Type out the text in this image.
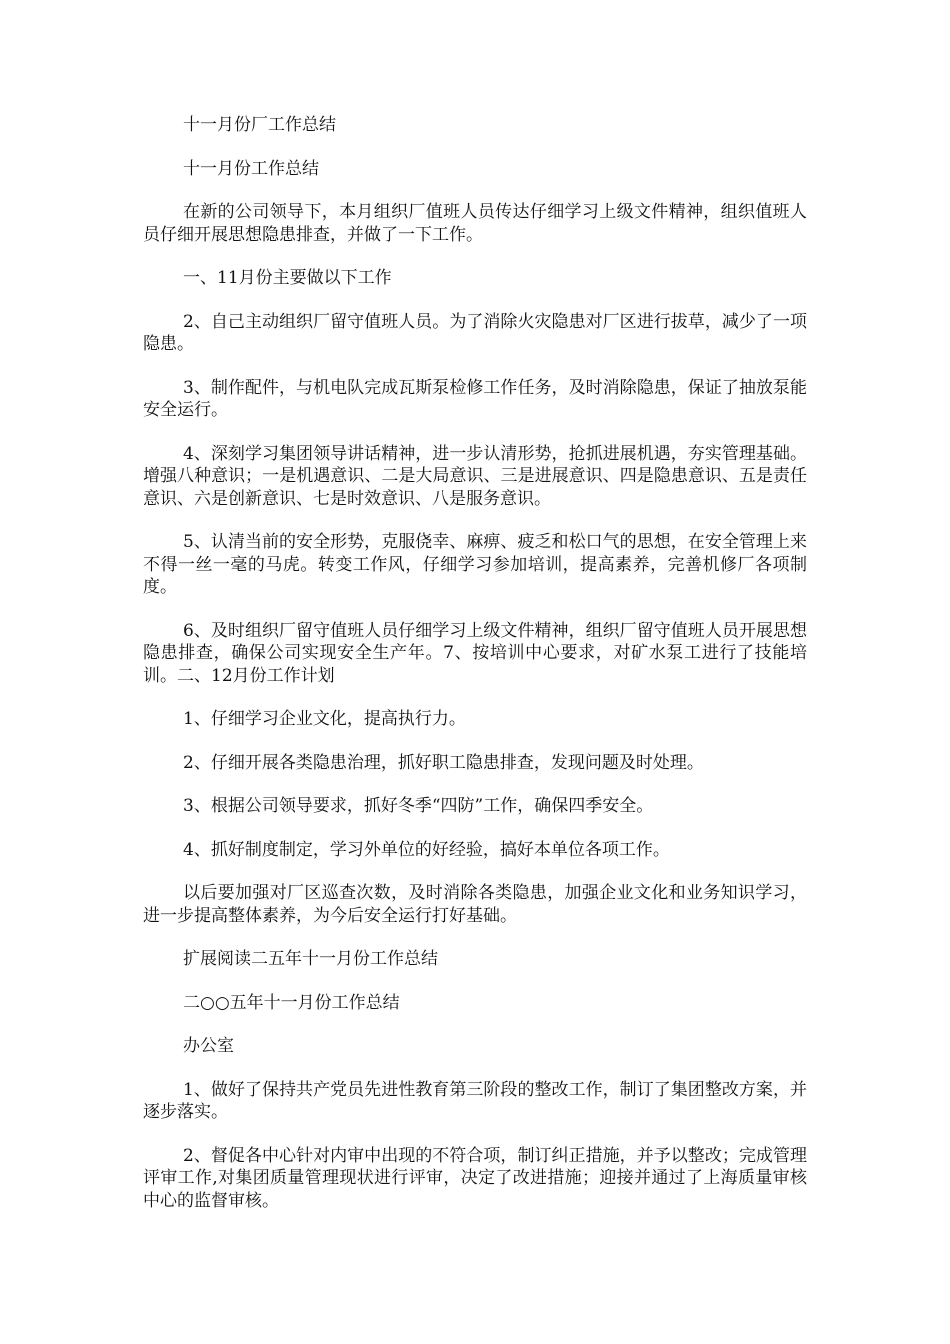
十一月份厂工作总结

十一月份工作总结

在新的公司领导下，本月组织厂值班人员传达仔细学习上级文件精神，组织值班人员仔细开展思想隐患排查，并做了一下工作。

一、11月份主要做以下工作

2、自己主动组织厂留守值班人员。为了消除火灾隐患对厂区进行拔草，减少了一项隐患。

3、制作配件，与机电队完成瓦斯泵检修工作任务，及时消除隐患，保证了抽放泵能安全运行。

4、深刻学习集团领导讲话精神，进一步认清形势，抢抓进展机遇，夯实管理基础。增强八种意识；一是机遇意识、二是大局意识、三是进展意识、四是隐患意识、五是责任意识、六是创新意识、七是时效意识、八是服务意识。

5、认清当前的安全形势，克服侥幸、麻痹、疲乏和松口气的思想，在安全管理上来不得一丝一毫的马虎。转变工作风，仔细学习参加培训，提高素养，完善机修厂各项制度。

6、及时组织厂留守值班人员仔细学习上级文件精神，组织厂留守值班人员开展思想隐患排查，确保公司实现安全生产年。7、按培训中心要求，对矿水泵工进行了技能培训。二、12月份工作计划

1、仔细学习企业文化，提高执行力。

2、仔细开展各类隐患治理，抓好职工隐患排查，发现问题及时处理。

3、根据公司领导要求，抓好冬季“四防”工作，确保四季安全。

4、抓好制度制定，学习外单位的好经验，搞好本单位各项工作。

以后要加强对厂区巡查次数，及时消除各类隐患，加强企业文化和业务知识学习，进一步提高整体素养，为今后安全运行打好基础。

扩展阅读二五年十一月份工作总结

二○○五年十一月份工作总结

办公室

1、做好了保持共产党员先进性教育第三阶段的整改工作，制订了集团整改方案，并逐步落实。

2、督促各中心针对内审中出现的不符合项，制订纠正措施，并予以整改；完成管理评审工作,对集团质量管理现状进行评审，决定了改进措施；迎接并通过了上海质量审核中心的监督审核。
